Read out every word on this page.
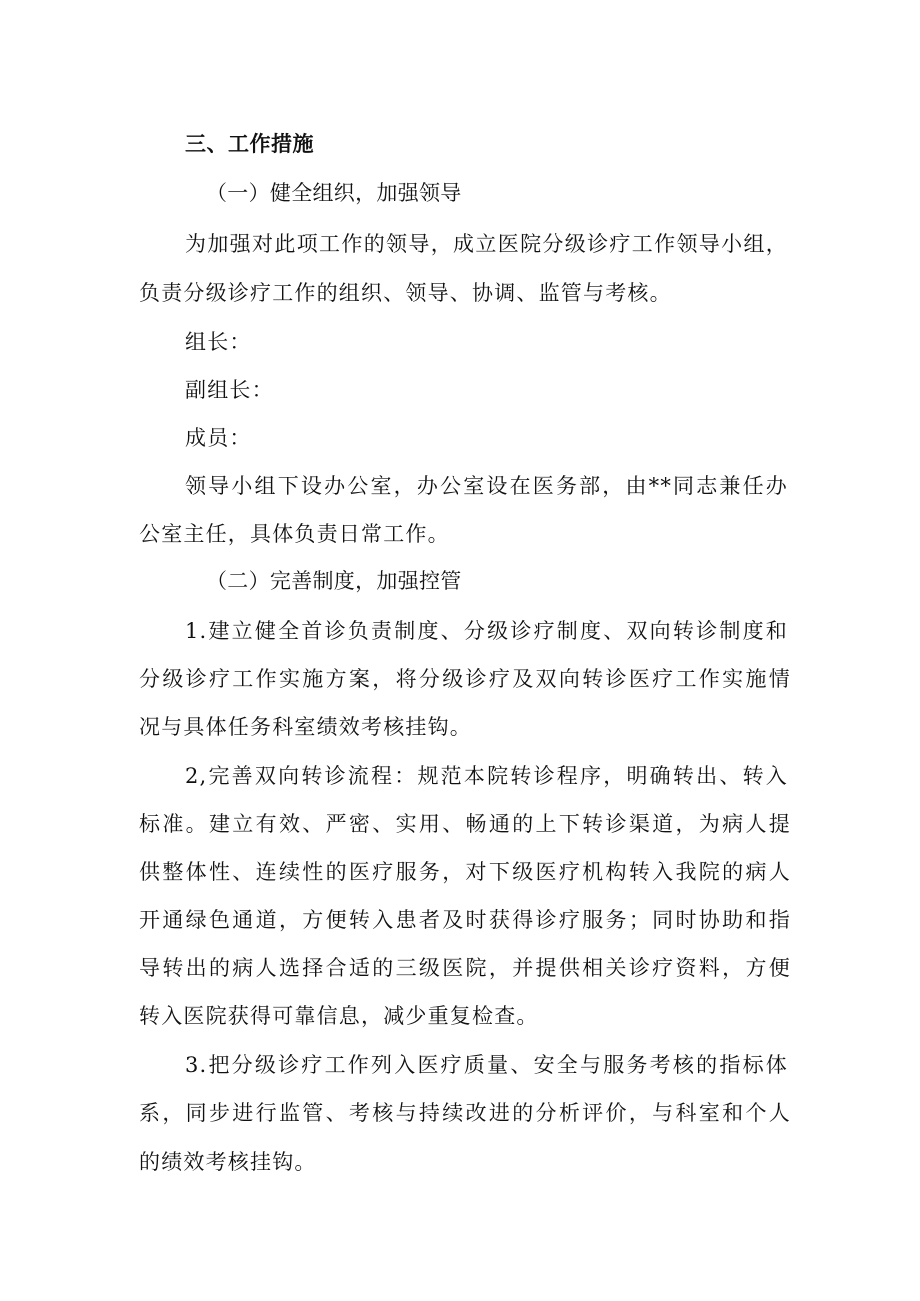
三、工作措施
（一）健全组织，加强领导
为加强对此项工作的领导，成立医院分级诊疗工作领导小组，
负责分级诊疗工作的组织、领导、协调、监管与考核。
组长：
副组长：
成员：
领导小组下设办公室，办公室设在医务部，由**同志兼任办
公室主任，具体负责日常工作。
（二）完善制度，加强控管
1.建立健全首诊负责制度、分级诊疗制度、双向转诊制度和
分级诊疗工作实施方案，将分级诊疗及双向转诊医疗工作实施情
况与具体任务科室绩效考核挂钩。
2,完善双向转诊流程：规范本院转诊程序，明确转出、转入
标准。建立有效、严密、实用、畅通的上下转诊渠道，为病人提
供整体性、连续性的医疗服务，对下级医疗机构转入我院的病人
开通绿色通道，方便转入患者及时获得诊疗服务；同时协助和指
导转出的病人选择合适的三级医院，并提供相关诊疗资料，方便
转入医院获得可靠信息，减少重复检查。
3.把分级诊疗工作列入医疗质量、安全与服务考核的指标体
系，同步进行监管、考核与持续改进的分析评价，与科室和个人
的绩效考核挂钩。
